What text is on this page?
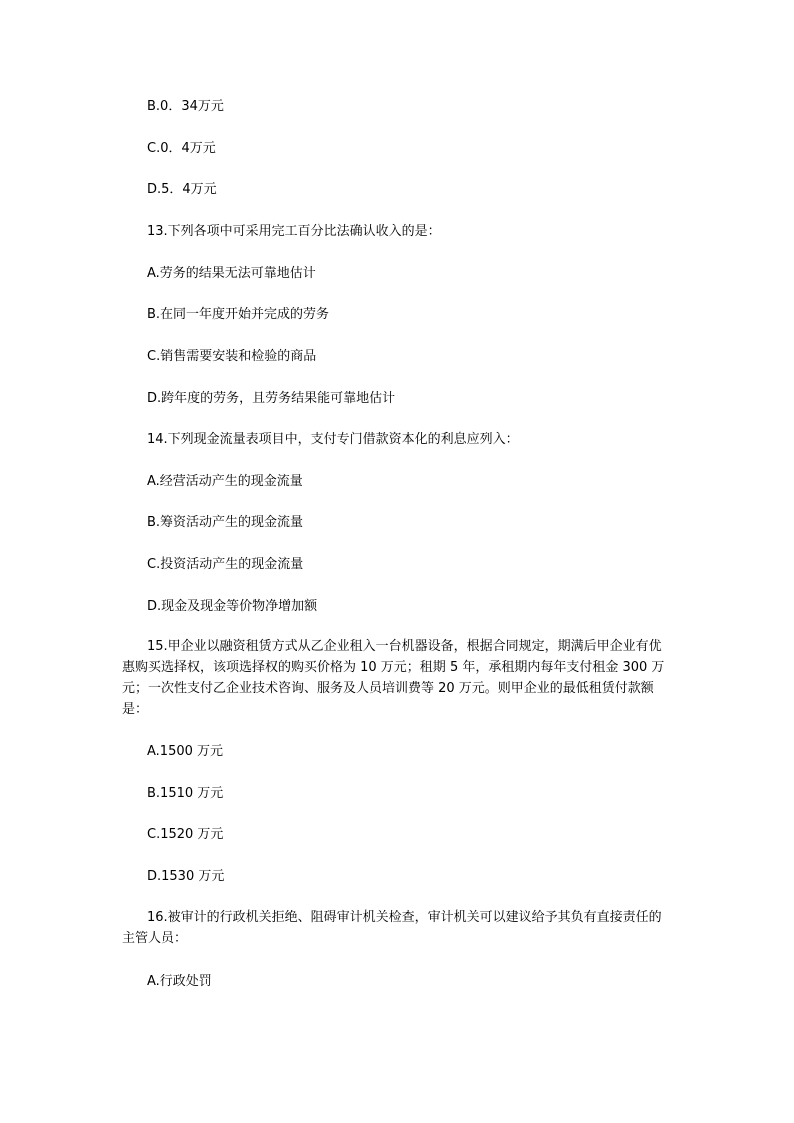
B.0．34万元

C.0．4万元

D.5．4万元

13.下列各项中可采用完工百分比法确认收入的是：

A.劳务的结果无法可靠地估计

B.在同一年度开始并完成的劳务

C.销售需要安装和检验的商品

D.跨年度的劳务，且劳务结果能可靠地估计

14.下列现金流量表项目中，支付专门借款资本化的利息应列入：

A.经营活动产生的现金流量

B.筹资活动产生的现金流量

C.投资活动产生的现金流量

D.现金及现金等价物净增加额

15.甲企业以融资租赁方式从乙企业租入一台机器设备，根据合同规定，期满后甲企业有优惠购买选择权，该项选择权的购买价格为 10 万元；租期 5 年，承租期内每年支付租金 300 万元；一次性支付乙企业技术咨询、服务及人员培训费等 20 万元。则甲企业的最低租赁付款额是：

A.1500 万元

B.1510 万元

C.1520 万元

D.1530 万元

16.被审计的行政机关拒绝、阻碍审计机关检查，审计机关可以建议给予其负有直接责任的主管人员：

A.行政处罚
